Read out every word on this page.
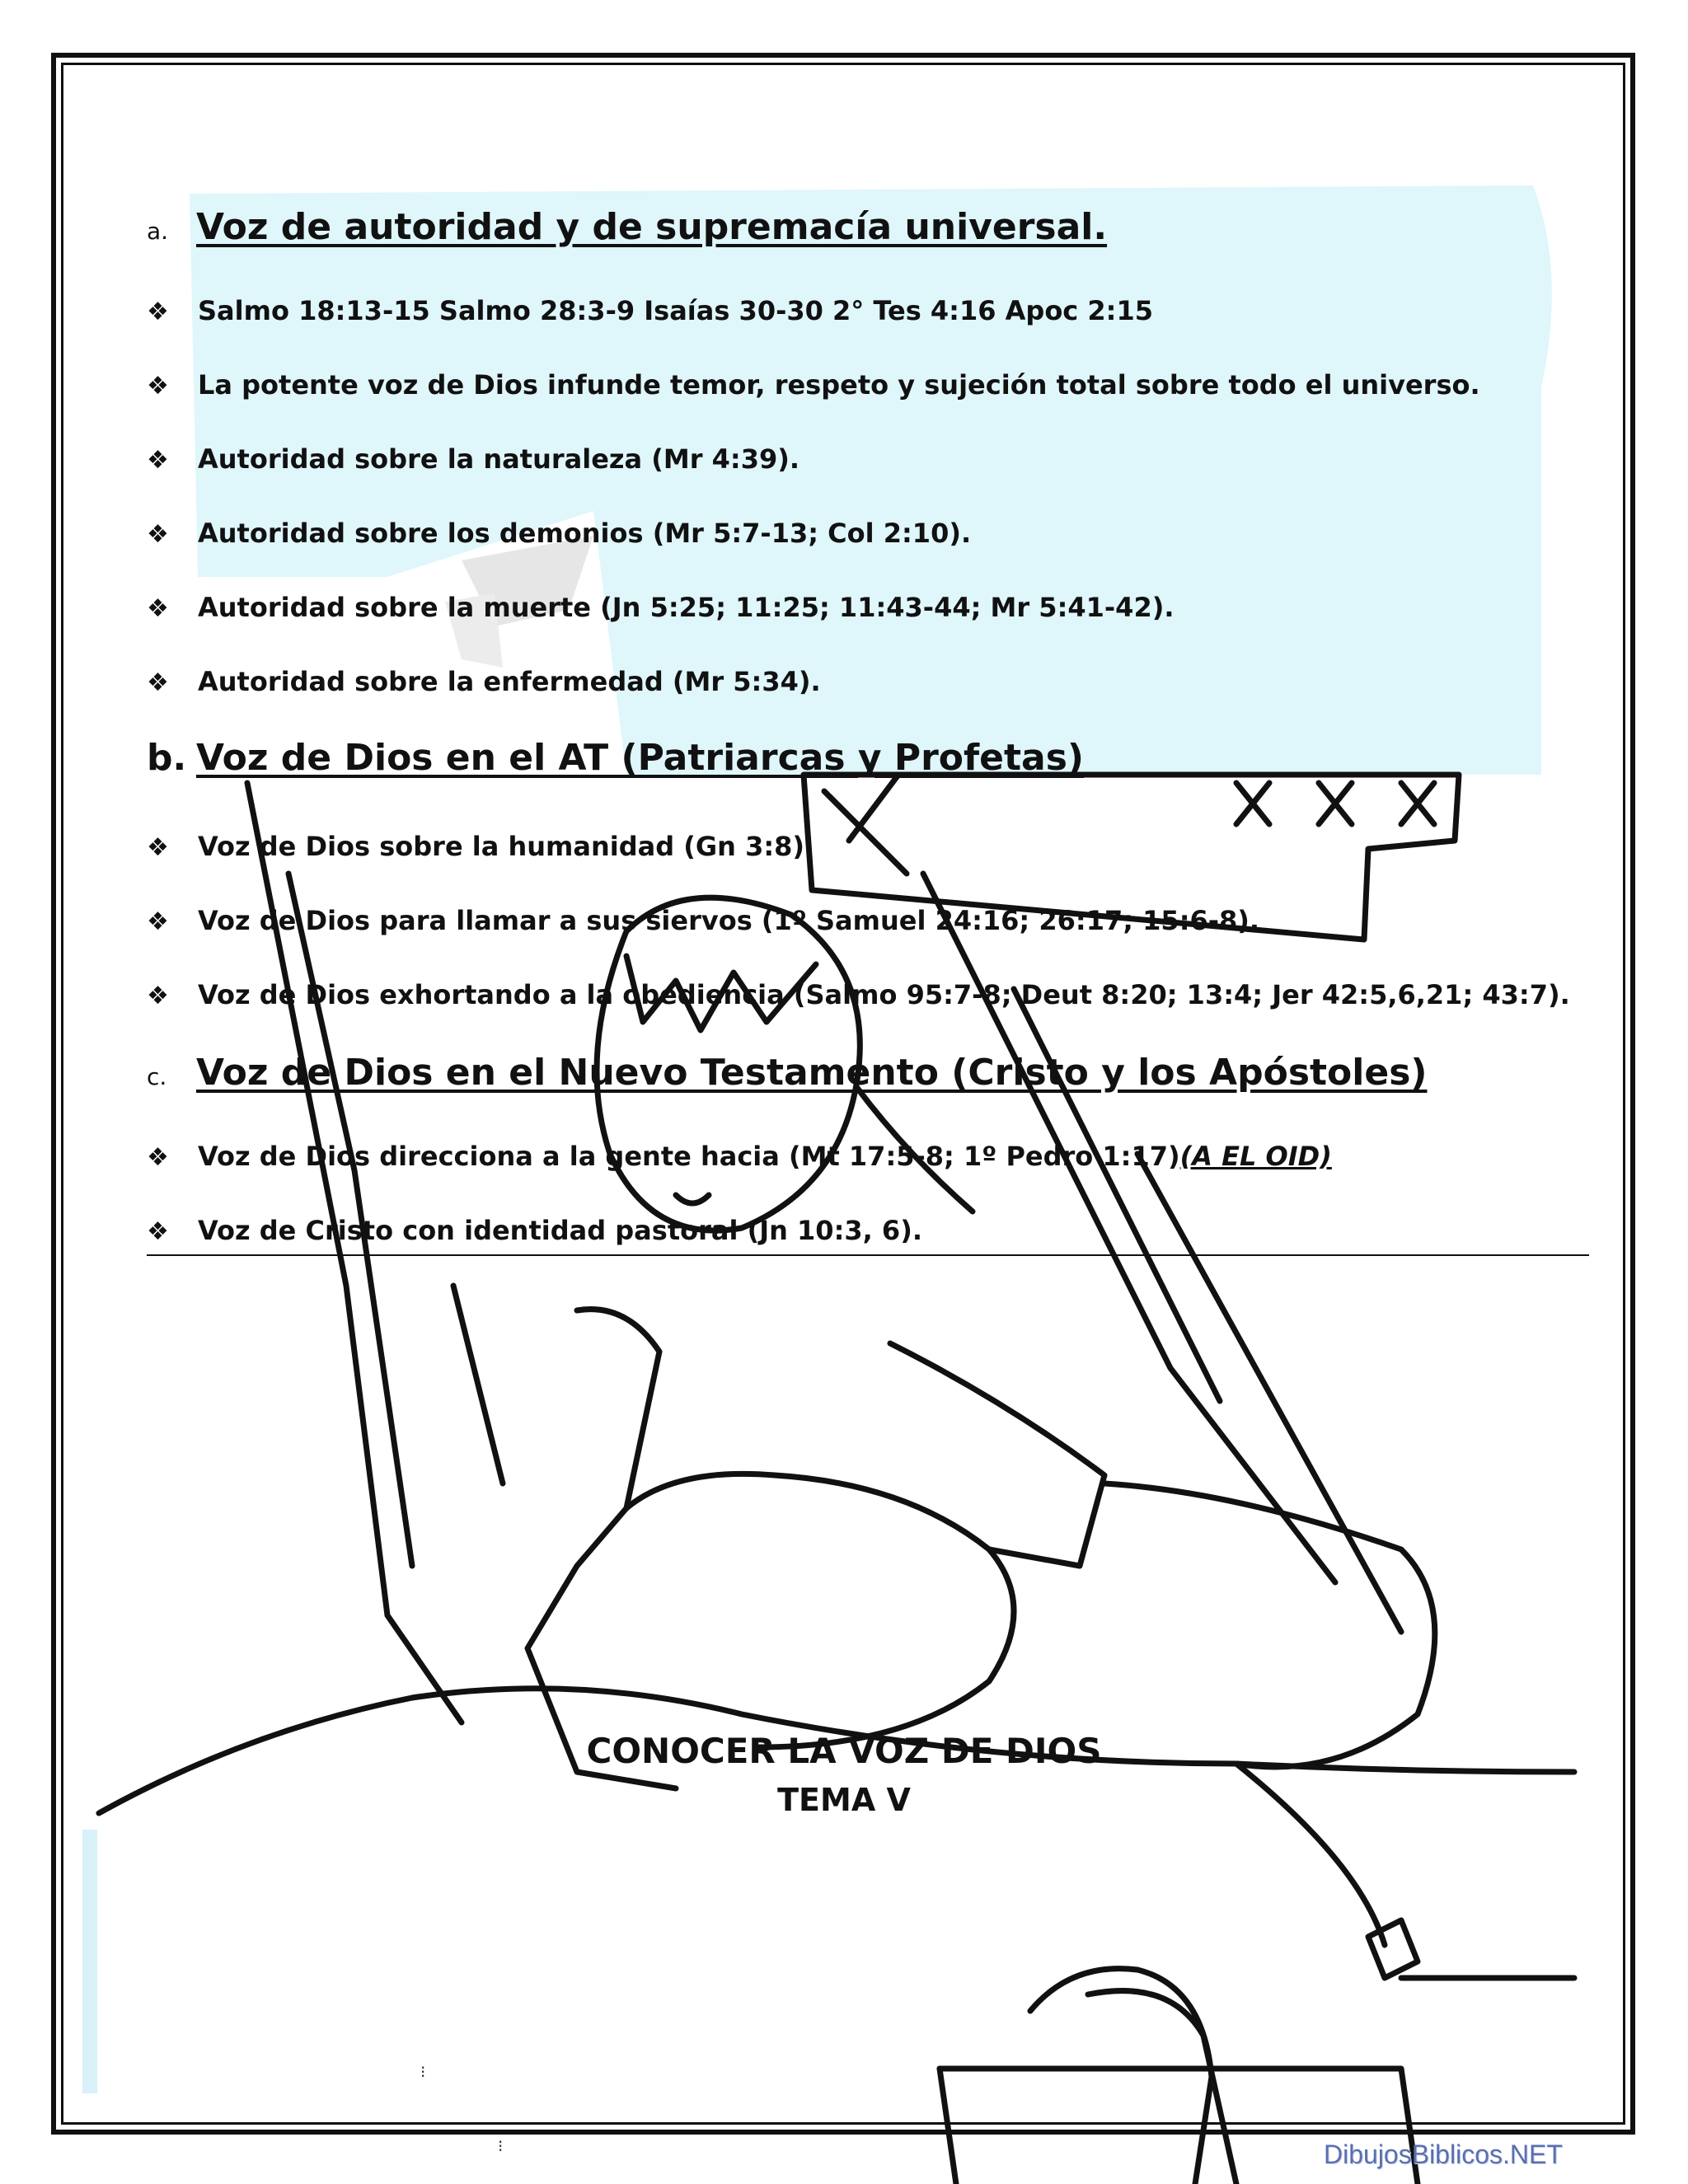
a. Voz de autoridad y de supremacía universal.
❖	Salmo 18:13-15 Salmo 28:3-9 Isaías 30-30 2° Tes 4:16 Apoc 2:15
❖	La potente voz de Dios infunde temor, respeto y sujeción total sobre todo el universo.
❖	Autoridad sobre la naturaleza (Mr 4:39).
❖	Autoridad sobre los demonios (Mr 5:7-13; Col 2:10).
❖	Autoridad sobre la muerte (Jn 5:25; 11:25; 11:43-44; Mr 5:41-42).
❖	Autoridad sobre la enfermedad (Mr 5:34).
b. Voz de Dios en el AT (Patriarcas y Profetas)
❖	Voz de Dios sobre la humanidad (Gn 3:8).
❖	Voz de Dios para llamar a sus siervos (1º Samuel 24:16; 26:17; 15:6-8).
❖	Voz de Dios exhortando a la obediencia (Salmo 95:7-8; Deut 8:20; 13:4; Jer 42:5,6,21; 43:7).
c. Voz de Dios en el Nuevo Testamento (Cristo y los Apóstoles)
❖	Voz de Dios direcciona a la gente hacia (Mt 17:5-8; 1º Pedro 1:17) (A EL OID)
❖	Voz de Cristo con identidad pastoral (Jn 10:3, 6).
CONOCER LA VOZ DE DIOS
TEMA V
⁝
⁝	DibujosBiblicos.NET
